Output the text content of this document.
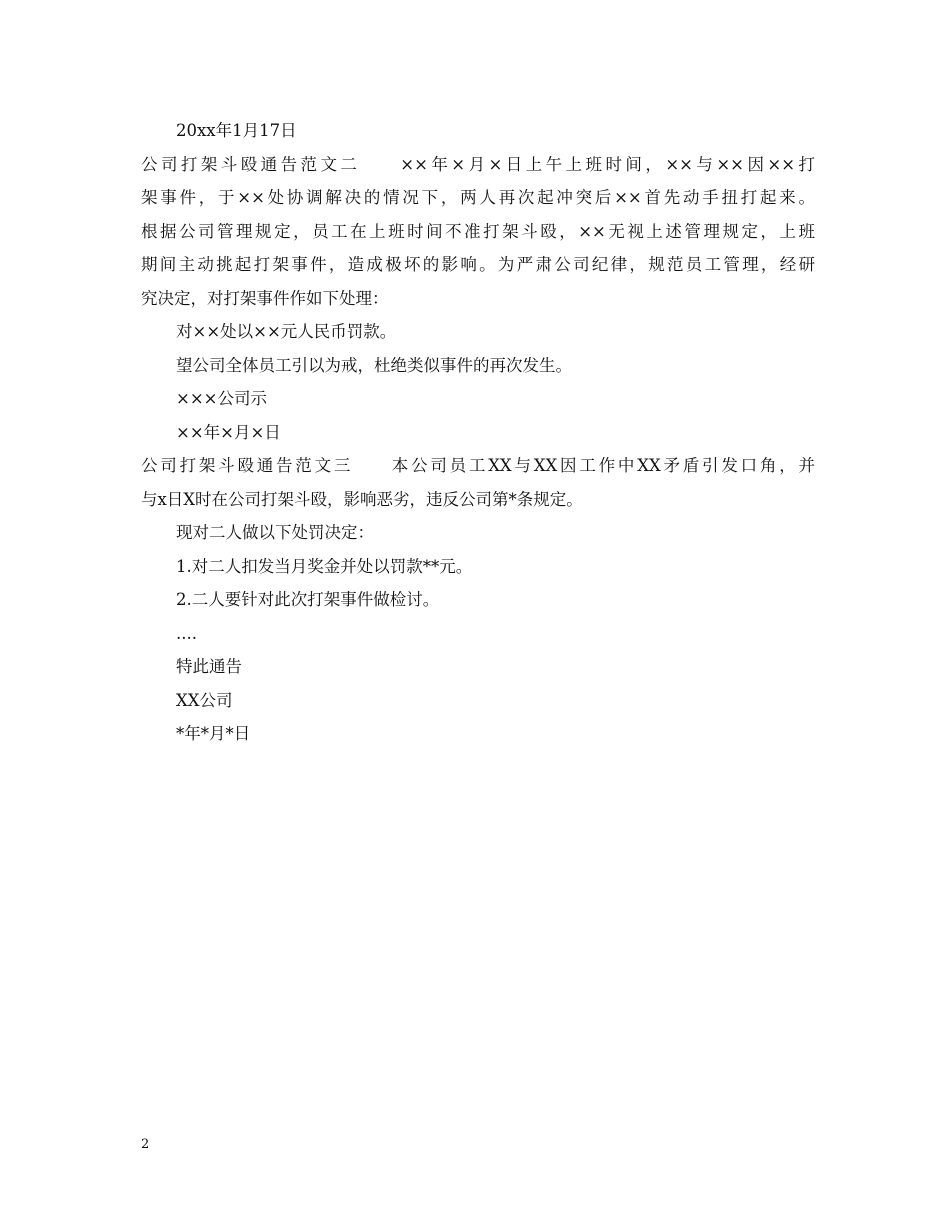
20xx年1月17日
公司打架斗殴通告范文二　　××年×月×日上午上班时间，××与××因××打
架事件，于××处协调解决的情况下，两人再次起冲突后××首先动手扭打起来。
根据公司管理规定，员工在上班时间不准打架斗殴，××无视上述管理规定，上班
期间主动挑起打架事件，造成极坏的影响。为严肃公司纪律，规范员工管理，经研
究决定，对打架事件作如下处理：
对××处以××元人民币罚款。
望公司全体员工引以为戒，杜绝类似事件的再次发生。
×××公司示
××年×月×日
公司打架斗殴通告范文三　　本公司员工XX与XX因工作中XX矛盾引发口角，并
与x日X时在公司打架斗殴，影响恶劣，违反公司第*条规定。
现对二人做以下处罚决定：
1.对二人扣发当月奖金并处以罚款**元。
2.二人要针对此次打架事件做检讨。
....
特此通告
XX公司
*年*月*日
2
